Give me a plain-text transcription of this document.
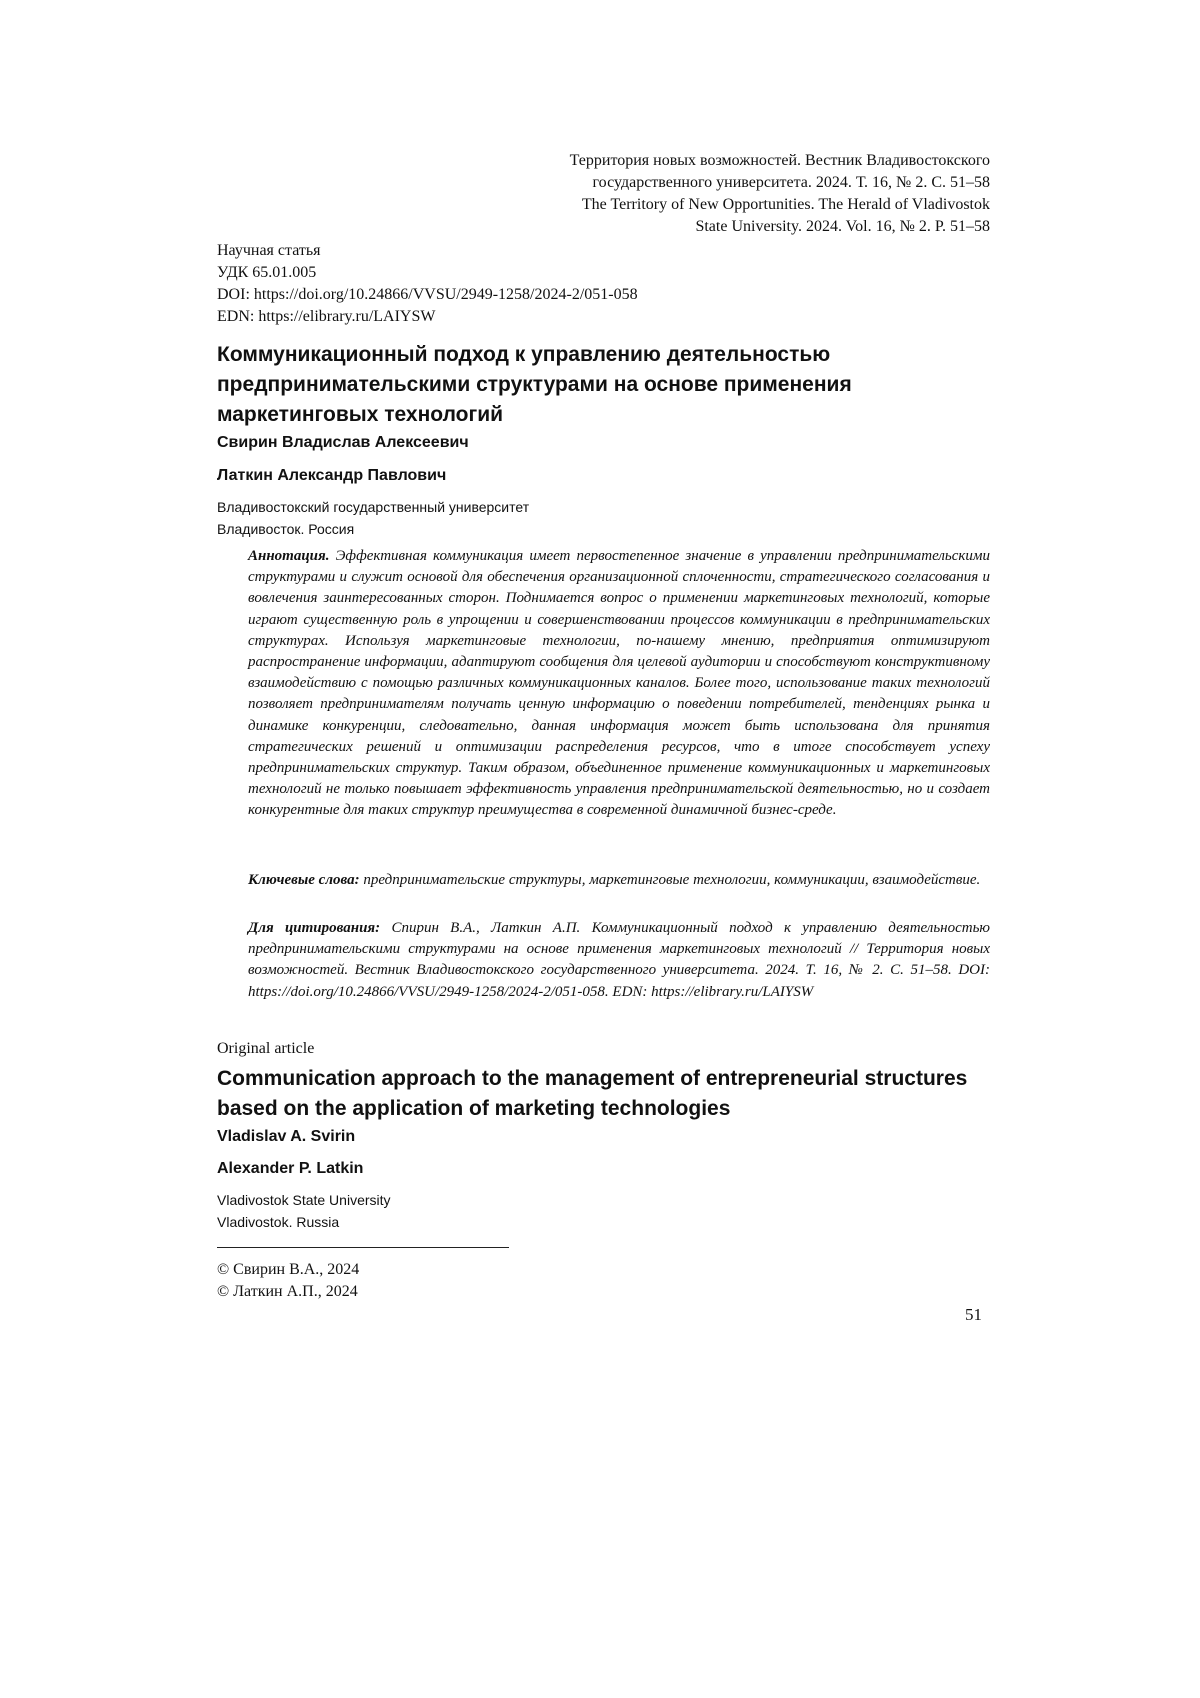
Территория новых возможностей. Вестник Владивостокского
государственного университета. 2024. Т. 16, № 2. С. 51–58
The Territory of New Opportunities. The Herald of Vladivostok
State University. 2024. Vol. 16, № 2. P. 51–58
Научная статья
УДК 65.01.005
DOI: https://doi.org/10.24866/VVSU/2949-1258/2024-2/051-058
EDN: https://elibrary.ru/LAIYSW
Коммуникационный подход к управлению деятельностью
предпринимательскими структурами на основе применения
маркетинговых технологий
Свирин Владислав Алексеевич
Латкин Александр Павлович
Владивостокский государственный университет
Владивосток. Россия
Аннотация. Эффективная коммуникация имеет первостепенное значение в управлении предпринимательскими структурами и служит основой для обеспечения организационной сплоченности, стратегического согласования и вовлечения заинтересованных сторон. Поднимается вопрос о применении маркетинговых технологий, которые играют существенную роль в упрощении и совершенствовании процессов коммуникации в предпринимательских структурах. Используя маркетинговые технологии, по-нашему мнению, предприятия оптимизируют распространение информации, адаптируют сообщения для целевой аудитории и способствуют конструктивному взаимодействию с помощью различных коммуникационных каналов. Более того, использование таких технологий позволяет предпринимателям получать ценную информацию о поведении потребителей, тенденциях рынка и динамике конкуренции, следовательно, данная информация может быть использована для принятия стратегических решений и оптимизации распределения ресурсов, что в итоге способствует успеху предпринимательских структур. Таким образом, объединенное применение коммуникационных и маркетинговых технологий не только повышает эффективность управления предпринимательской деятельностью, но и создает конкурентные для таких структур преимущества в современной динамичной бизнес-среде.
Ключевые слова: предпринимательские структуры, маркетинговые технологии, коммуникации, взаимодействие.
Для цитирования: Спирин В.А., Латкин А.П. Коммуникационный подход к управлению деятельностью предпринимательскими структурами на основе применения маркетинговых технологий // Территория новых возможностей. Вестник Владивостокского государственного университета. 2024. Т. 16, № 2. С. 51–58. DOI: https://doi.org/10.24866/VVSU/2949-1258/2024-2/051-058. EDN: https://elibrary.ru/LAIYSW
Original article
Communication approach to the management of entrepreneurial structures
based on the application of marketing technologies
Vladislav A. Svirin
Alexander P. Latkin
Vladivostok State University
Vladivostok. Russia
© Свирин В.А., 2024
© Латкин А.П., 2024
51
